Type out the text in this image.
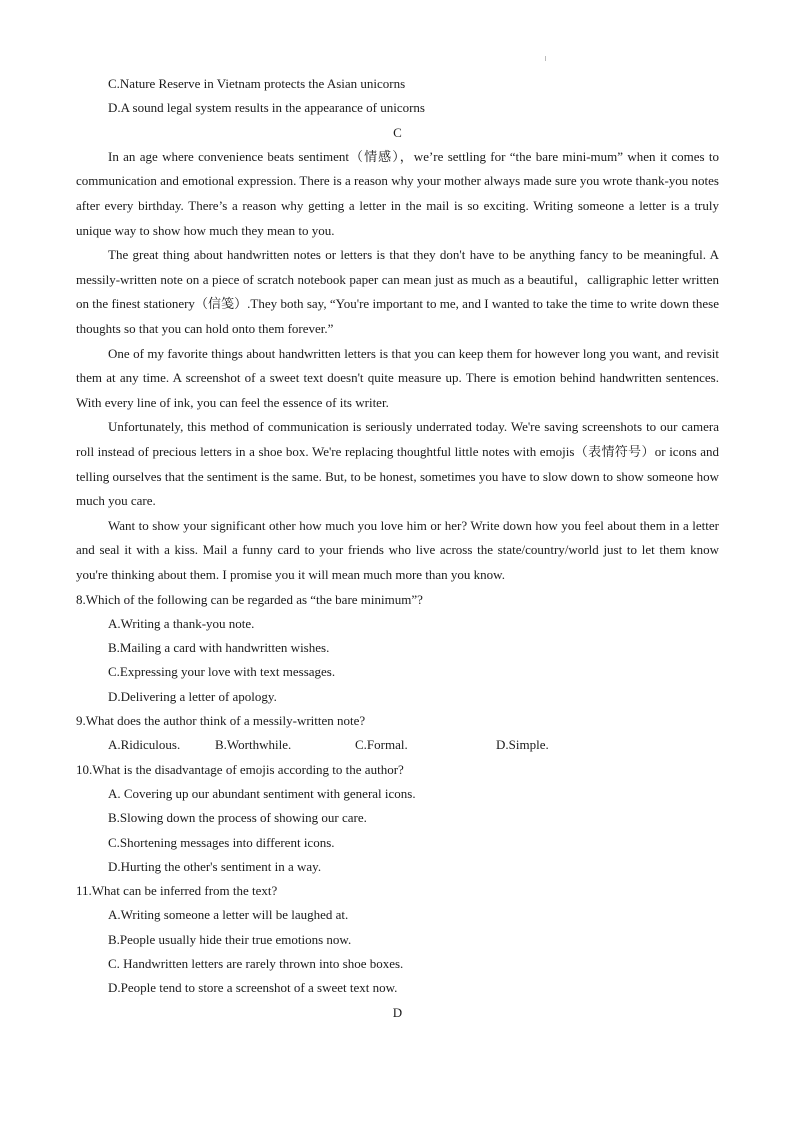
C.Nature Reserve in Vietnam protects the Asian unicorns
D.A sound legal system results in the appearance of unicorns
C

In an age where convenience beats sentiment（情感），we’re settling for “the bare mini-mum” when it comes to communication and emotional expression. There is a reason why your mother always made sure you wrote thank-you notes after every birthday. There’s a reason why getting a letter in the mail is so exciting. Writing someone a letter is a truly unique way to show how much they mean to you.

The great thing about handwritten notes or letters is that they don't have to be anything fancy to be meaningful. A messily-written note on a piece of scratch notebook paper can mean just as much as a beautiful，calligraphic letter written on the finest stationery（信笺）.They both say, “You're important to me, and I wanted to take the time to write down these thoughts so that you can hold onto them forever.”

One of my favorite things about handwritten letters is that you can keep them for however long you want, and revisit them at any time. A screenshot of a sweet text doesn't quite measure up. There is emotion behind handwritten sentences. With every line of ink, you can feel the essence of its writer.

Unfortunately, this method of communication is seriously underrated today. We're saving screenshots to our camera roll instead of precious letters in a shoe box. We're replacing thoughtful little notes with emojis（表情符号）or icons and telling ourselves that the sentiment is the same. But, to be honest, sometimes you have to slow down to show someone how much you care.

Want to show your significant other how much you love him or her? Write down how you feel about them in a letter and seal it with a kiss. Mail a funny card to your friends who live across the state/country/world just to let them know you're thinking about them. I promise you it will mean much more than you know.

8.Which of the following can be regarded as “the bare minimum”?
A.Writing a thank-you note.
B.Mailing a card with handwritten wishes.
C.Expressing your love with text messages.
D.Delivering a letter of apology.
9.What does the author think of a messily-written note?
A.Ridiculous.	B.Worthwhile.	C.Formal.	D.Simple.
10.What is the disadvantage of emojis according to the author?
A. Covering up our abundant sentiment with general icons.
B.Slowing down the process of showing our care.
C.Shortening messages into different icons.
D.Hurting the other's sentiment in a way.
11.What can be inferred from the text?
A.Writing someone a letter will be laughed at.
B.People usually hide their true emotions now.
C. Handwritten letters are rarely thrown into shoe boxes.
D.People tend to store a screenshot of a sweet text now.
D
